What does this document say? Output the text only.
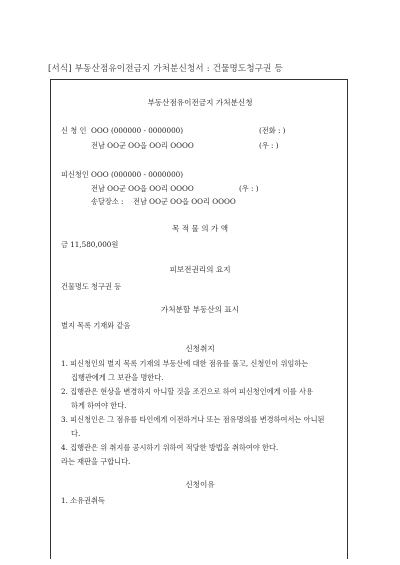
[서식] 부동산점유이전금지 가처분신청서 : 건물명도청구권 등
부동산점유이전금지 가처분신청
신 청 인 OOO (000000 - 0000000)	(전화 : )
전남 OO군 OO읍 OO리 OOOO	(우 : )
피신청인 OOO (000000 - 0000000)
전남 OO군 OO읍 OO리 OOOO	(우 : )
송달장소 : 전남 OO군 OO읍 OO리 OOOO
목 적 물 의 가 액
금 11,580,000원
피보전권리의 요지
건물명도 청구권 등
가처분할 부동산의 표시
별지 목록 기재와 같음
신청취지
1. 피신청인의 별지 목록 기재의 부동산에 대한 점유를 풀고, 신청인이 위임하는
집행관에게 그 보관을 명한다.
2. 집행관은 현상을 변경하지 아니할 것을 조건으로 하여 피신청인에게 이를 사용
하게 하여야 한다.
3. 피신청인은 그 점유를 타인에게 이전하거나 또는 점유명의를 변경하여서는 아니된
다.
4. 집행관은 위 취지를 공시하기 위하여 적당한 방법을 취하여야 한다.
라는 재판을 구합니다.
신청이유
1. 소유권취득
